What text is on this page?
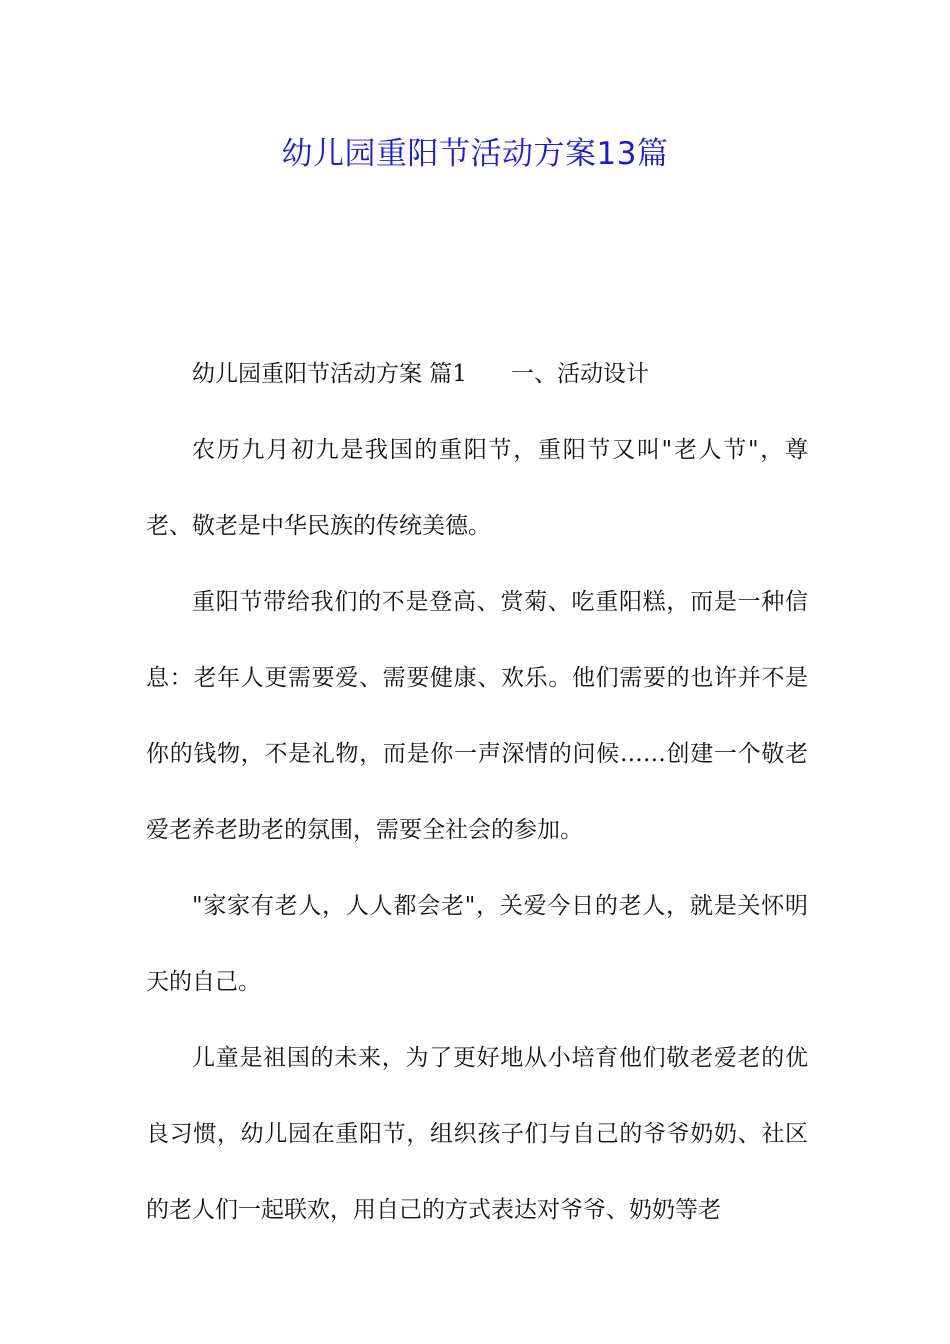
幼儿园重阳节活动方案13篇

幼儿园重阳节活动方案 篇1 一、活动设计

农历九月初九是我国的重阳节，重阳节又叫"老人节"，尊老、敬老是中华民族的传统美德。

重阳节带给我们的不是登高、赏菊、吃重阳糕，而是一种信息：老年人更需要爱、需要健康、欢乐。他们需要的也许并不是你的钱物，不是礼物，而是你一声深情的问候……创建一个敬老爱老养老助老的氛围，需要全社会的参加。

"家家有老人，人人都会老"，关爱今日的老人，就是关怀明天的自己。

儿童是祖国的未来，为了更好地从小培育他们敬老爱老的优良习惯，幼儿园在重阳节，组织孩子们与自己的爷爷奶奶、社区的老人们一起联欢，用自己的方式表达对爷爷、奶奶等老
